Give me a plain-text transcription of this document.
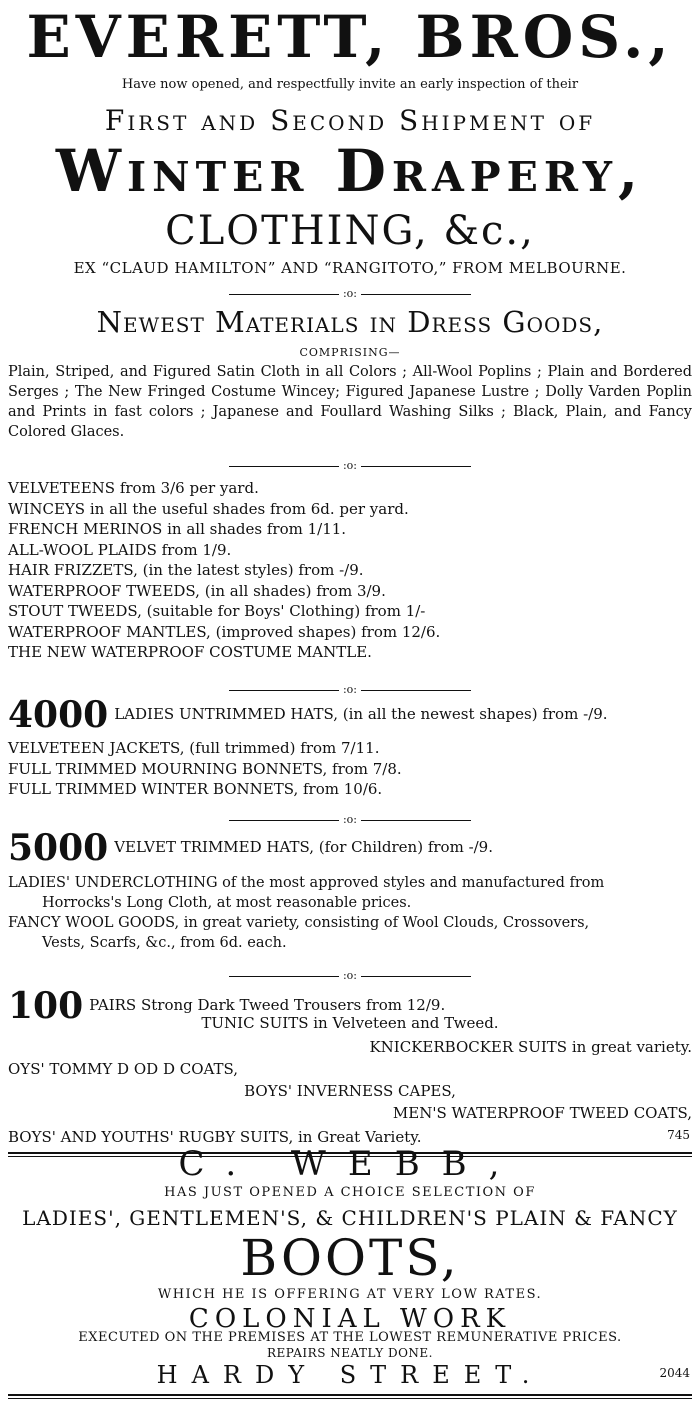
EVERETT, BROS.,
Have now opened, and respectfully invite an early inspection of their
First and Second Shipment of
Winter Drapery,
CLOTHING, &c.,
EX “CLAUD HAMILTON” AND “RANGITOTO,” FROM MELBOURNE.
:o:
Newest Materials in Dress Goods,
COMPRISING—
Plain, Striped, and Figured Satin Cloth in all Colors ; All-Wool Poplins ; Plain and Bordered Serges ; The New Fringed Costume Wincey; Figured Japanese Lustre ; Dolly Varden Poplin and Prints in fast colors ; Japanese and Foullard Washing Silks ; Black, Plain, and Fancy Colored Glaces.
:o:
VELVETEENS from 3/6 per yard.
WINCEYS in all the useful shades from 6d. per yard.
FRENCH MERINOS in all shades from 1/11.
ALL-WOOL PLAIDS from 1/9.
HAIR FRIZZETS, (in the latest styles) from -/9.
WATERPROOF TWEEDS, (in all shades) from 3/9.
STOUT TWEEDS, (suitable for Boys' Clothing) from 1/-
WATERPROOF MANTLES, (improved shapes) from 12/6.
THE NEW WATERPROOF COSTUME MANTLE.
:o:
4000 LADIES UNTRIMMED HATS, (in all the newest shapes) from -/9.
VELVETEEN JACKETS, (full trimmed) from 7/11.
FULL TRIMMED MOURNING BONNETS, from 7/8.
FULL TRIMMED WINTER BONNETS, from 10/6.
:o:
5000 VELVET TRIMMED HATS, (for Children) from -/9.
LADIES' UNDERCLOTHING of the most approved styles and manufactured from
Horrocks's Long Cloth, at most reasonable prices.
FANCY WOOL GOODS, in great variety, consisting of Wool Clouds, Crossovers,
Vests, Scarfs, &c., from 6d. each.
:o:
100 PAIRS Strong Dark Tweed Trousers from 12/9.
TUNIC SUITS in Velveteen and Tweed.
KNICKERBOCKER SUITS in great variety.
OYS' TOMMY D OD D COATS,
BOYS' INVERNESS CAPES,
MEN'S WATERPROOF TWEED COATS,
BOYS' AND YOUTHS' RUGBY SUITS, in Great Variety.	745
C. WEBB,
HAS JUST OPENED A CHOICE SELECTION OF
LADIES', GENTLEMEN'S, & CHILDREN'S PLAIN & FANCY
BOOTS,
WHICH HE IS OFFERING AT VERY LOW RATES.
COLONIAL WORK
EXECUTED ON THE PREMISES AT THE LOWEST REMUNERATIVE PRICES.
REPAIRS NEATLY DONE.
HARDY STREET.	2044
